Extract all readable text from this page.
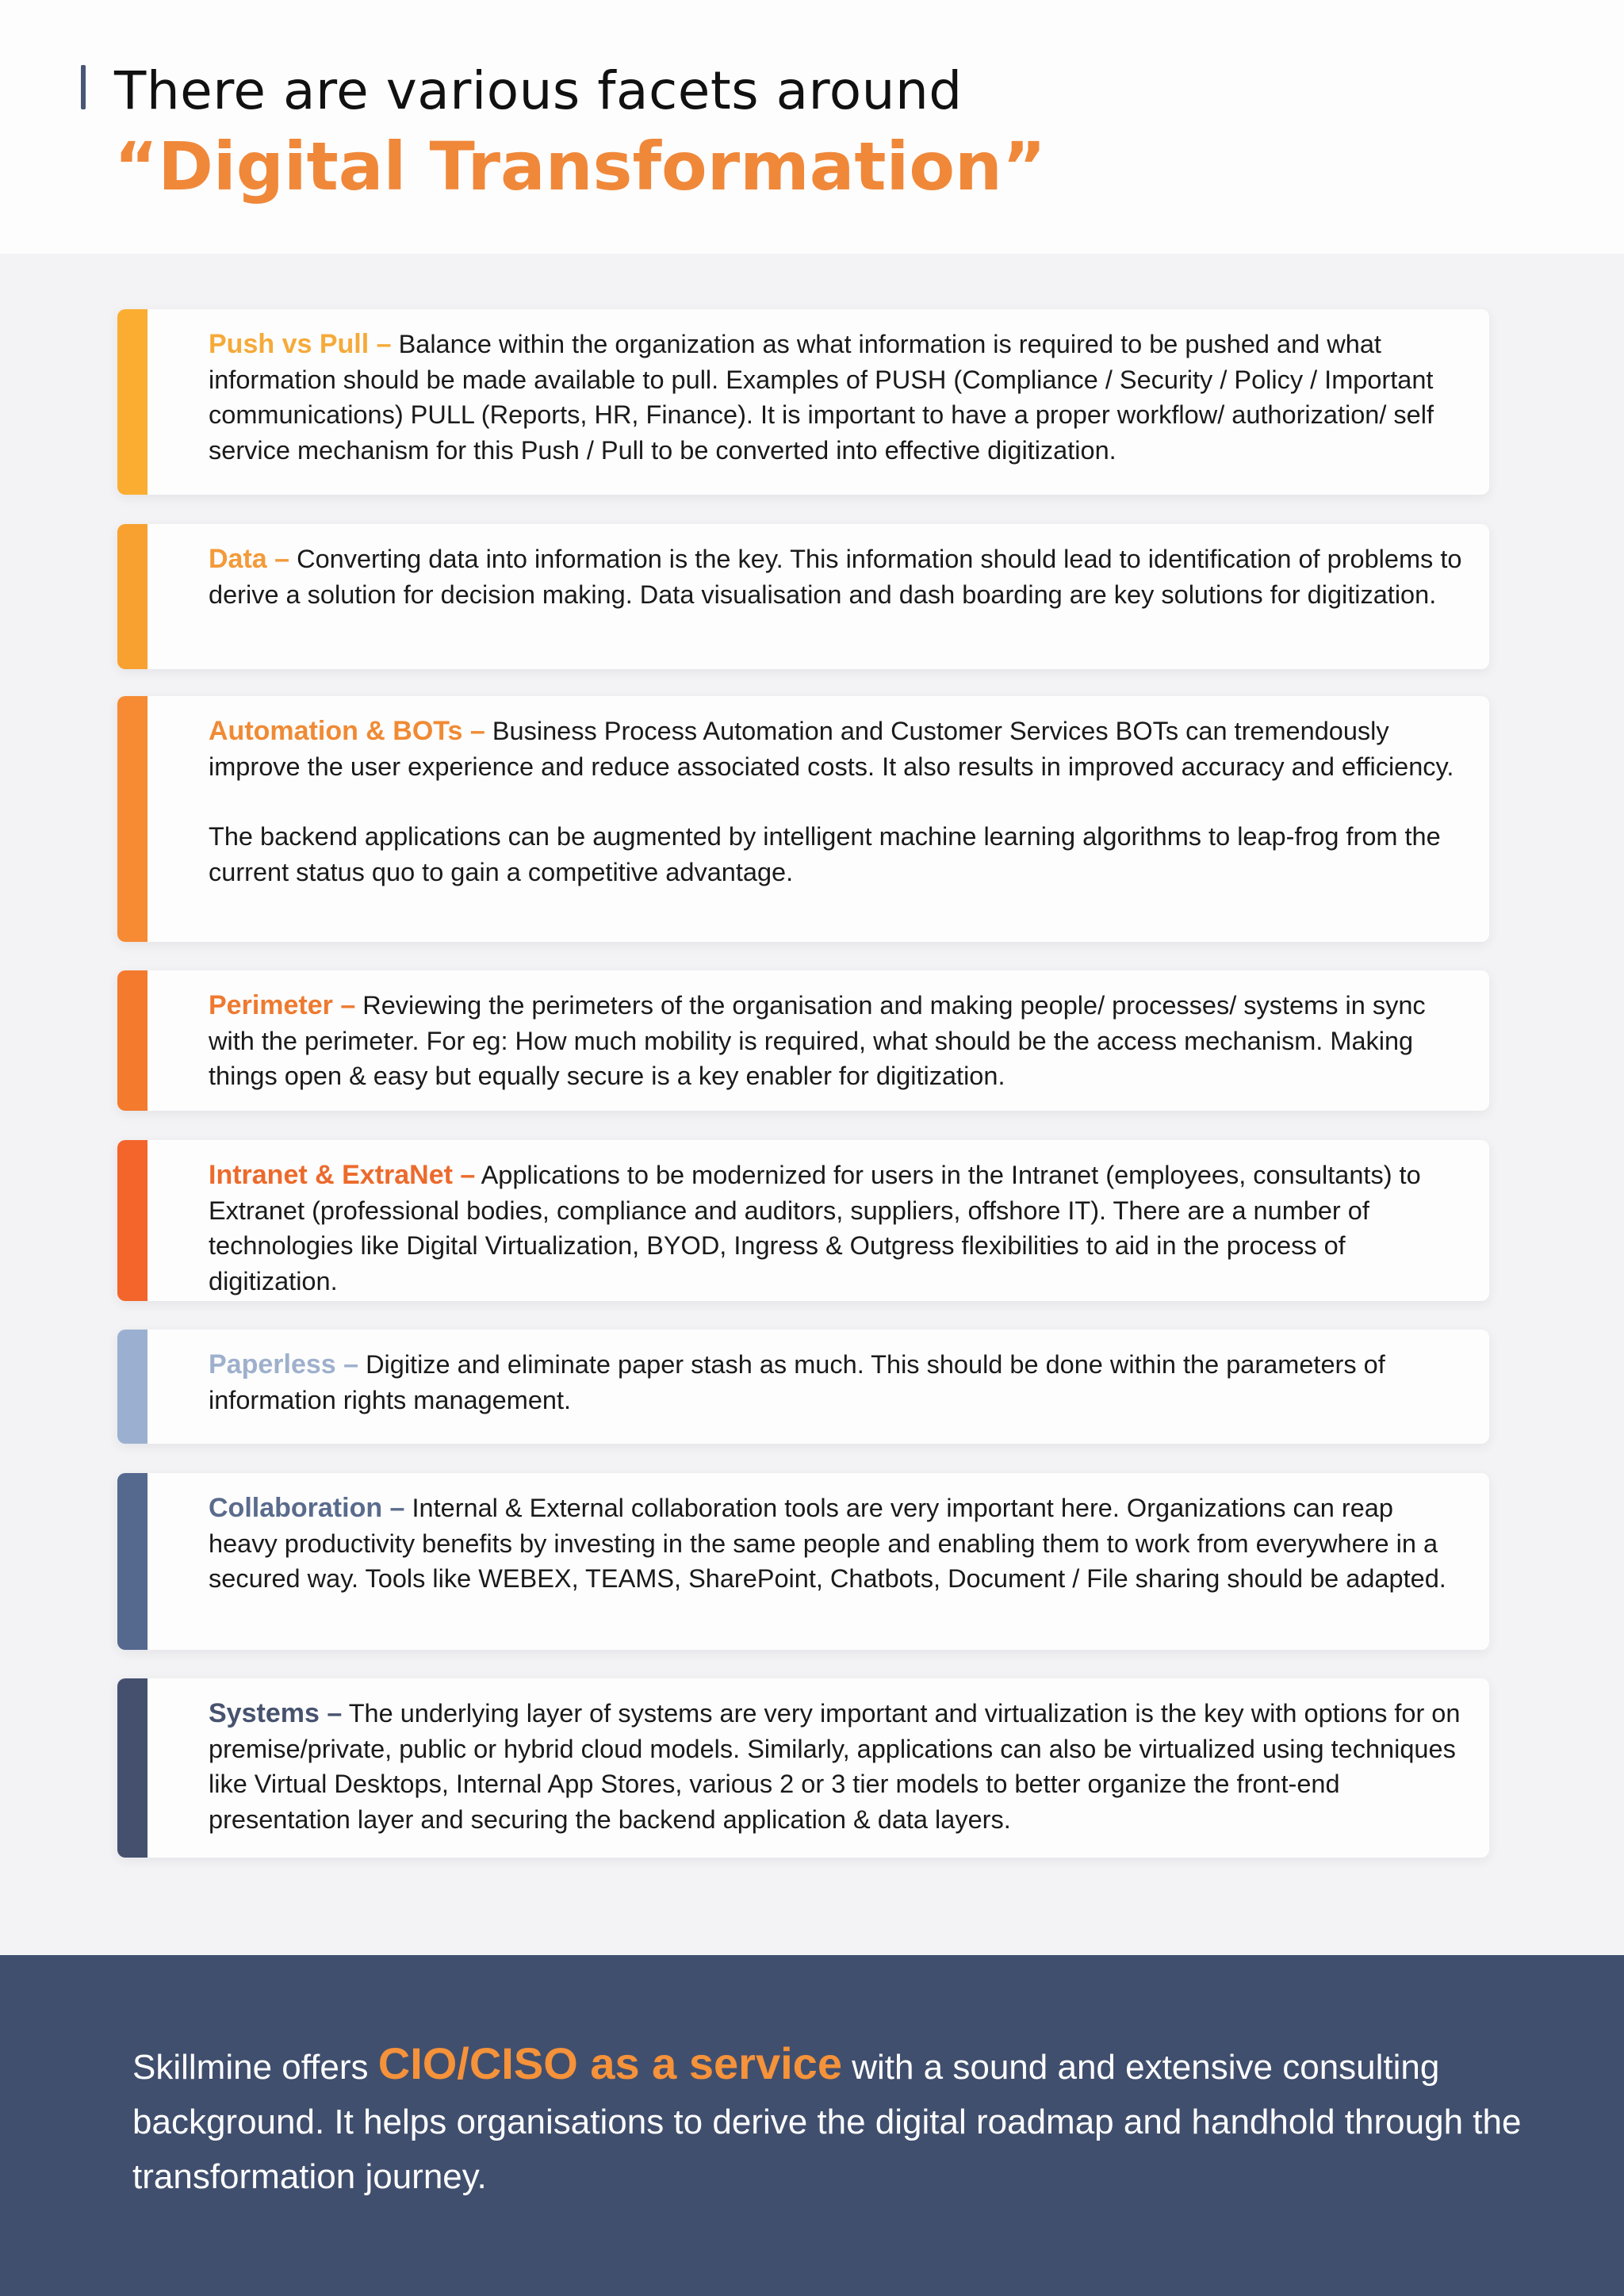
There are various facets around
“Digital Transformation”

Push vs Pull – Balance within the organization as what information is required to be pushed and what information should be made available to pull. Examples of PUSH (Compliance / Security / Policy / Important communications) PULL (Reports, HR, Finance). It is important to have a proper workflow/ authorization/ self service mechanism for this Push / Pull to be converted into effective digitization.

Data – Converting data into information is the key. This information should lead to identification of problems to derive a solution for decision making. Data visualisation and dash boarding are key solutions for digitization.

Automation & BOTs – Business Process Automation and Customer Services BOTs can tremendously improve the user experience and reduce associated costs. It also results in improved accuracy and efficiency.

The backend applications can be augmented by intelligent machine learning algorithms to leap-frog from the current status quo to gain a competitive advantage.

Perimeter – Reviewing the perimeters of the organisation and making people/ processes/ systems in sync with the perimeter. For eg: How much mobility is required, what should be the access mechanism. Making things open & easy but equally secure is a key enabler for digitization.

Intranet & ExtraNet – Applications to be modernized for users in the Intranet (employees, consultants) to Extranet (professional bodies, compliance and auditors, suppliers, offshore IT). There are a number of technologies like Digital Virtualization, BYOD, Ingress & Outgress flexibilities to aid in the process of digitization.

Paperless – Digitize and eliminate paper stash as much. This should be done within the parameters of information rights management.

Collaboration – Internal & External collaboration tools are very important here. Organizations can reap heavy productivity benefits by investing in the same people and enabling them to work from everywhere in a secured way. Tools like WEBEX, TEAMS, SharePoint, Chatbots, Document / File sharing should be adapted.

Systems – The underlying layer of systems are very important and virtualization is the key with options for on premise/private, public or hybrid cloud models. Similarly, applications can also be virtualized using techniques like Virtual Desktops, Internal App Stores, various 2 or 3 tier models to better organize the front-end presentation layer and securing the backend application & data layers.

Skillmine offers CIO/CISO as a service with a sound and extensive consulting background. It helps organisations to derive the digital roadmap and handhold through the transformation journey.
